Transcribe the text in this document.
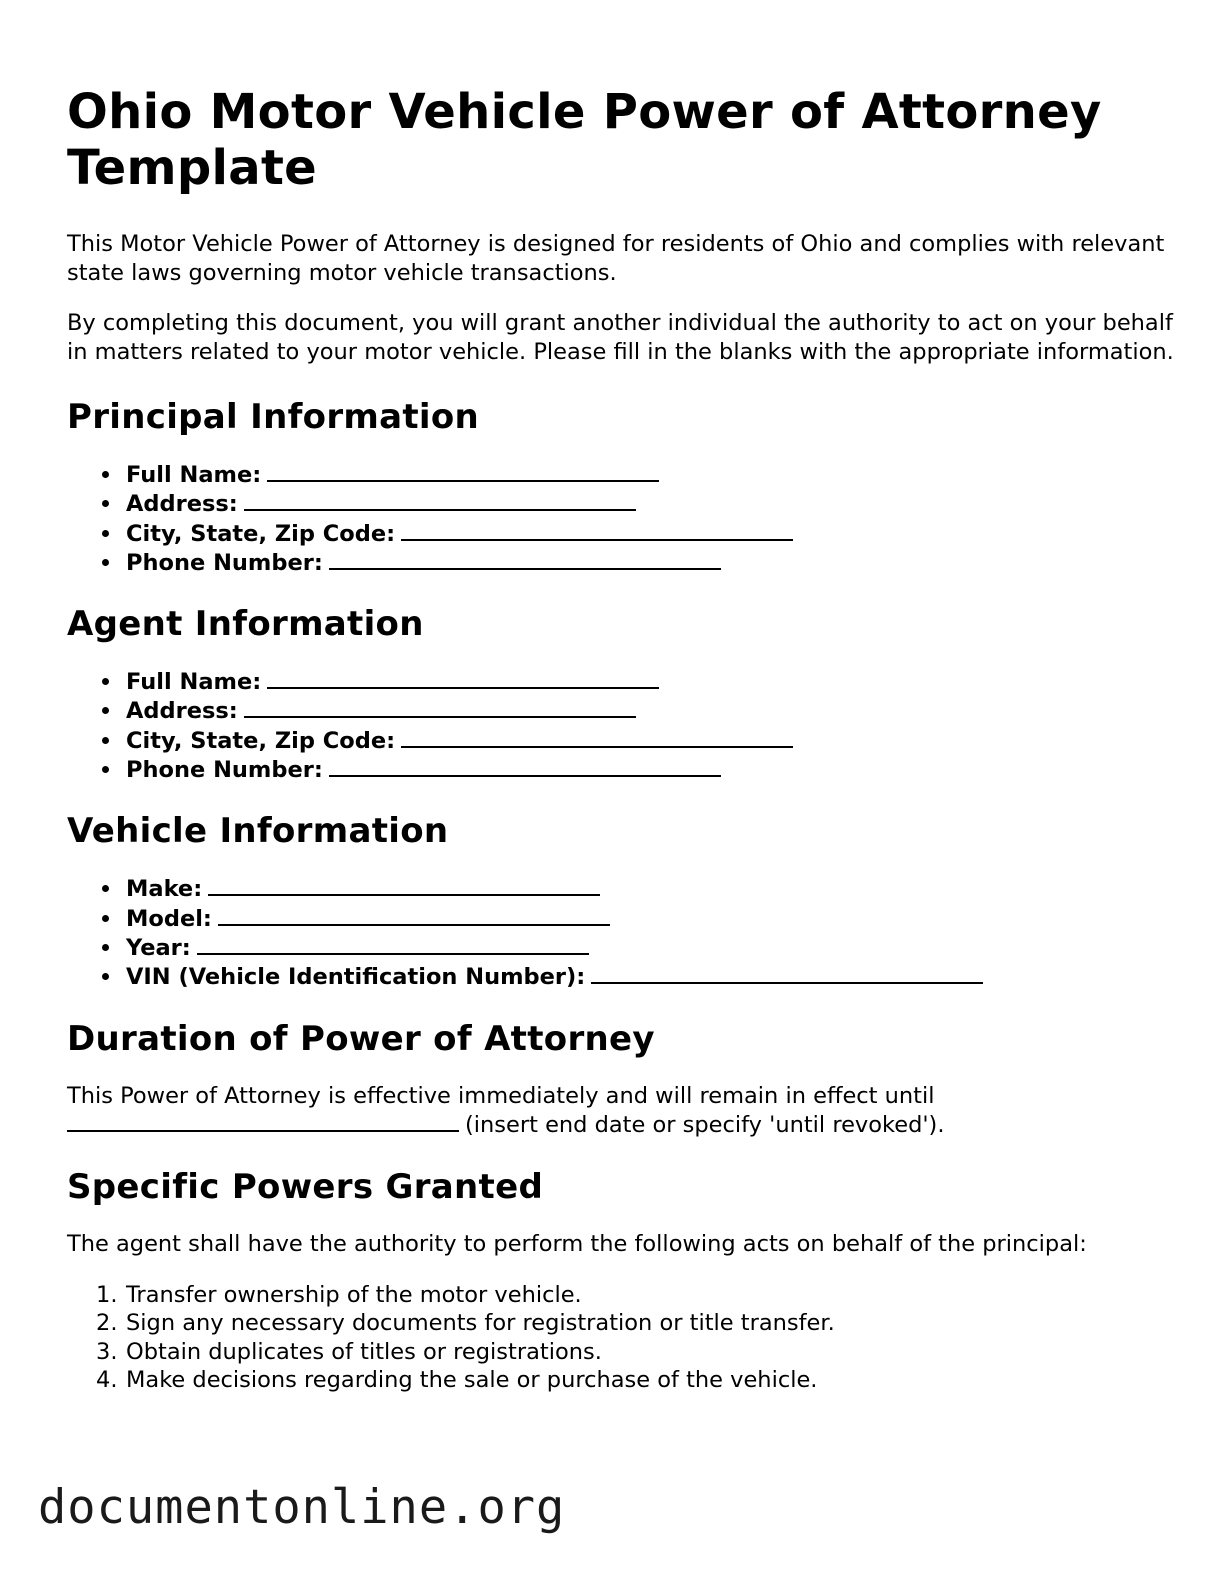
Ohio Motor Vehicle Power of Attorney Template

This Motor Vehicle Power of Attorney is designed for residents of Ohio and complies with relevant state laws governing motor vehicle transactions.

By completing this document, you will grant another individual the authority to act on your behalf in matters related to your motor vehicle. Please fill in the blanks with the appropriate information.

Principal Information
Full Name:
Address:
City, State, Zip Code:
Phone Number:
Agent Information
Full Name:
Address:
City, State, Zip Code:
Phone Number:
Vehicle Information
Make:
Model:
Year:
VIN (Vehicle Identification Number):
Duration of Power of Attorney

This Power of Attorney is effective immediately and will remain in effect until
(insert end date or specify 'until revoked').

Specific Powers Granted

The agent shall have the authority to perform the following acts on behalf of the principal:

1. Transfer ownership of the motor vehicle.
2. Sign any necessary documents for registration or title transfer.
3. Obtain duplicates of titles or registrations.
4. Make decisions regarding the sale or purchase of the vehicle.
documentonline.org
